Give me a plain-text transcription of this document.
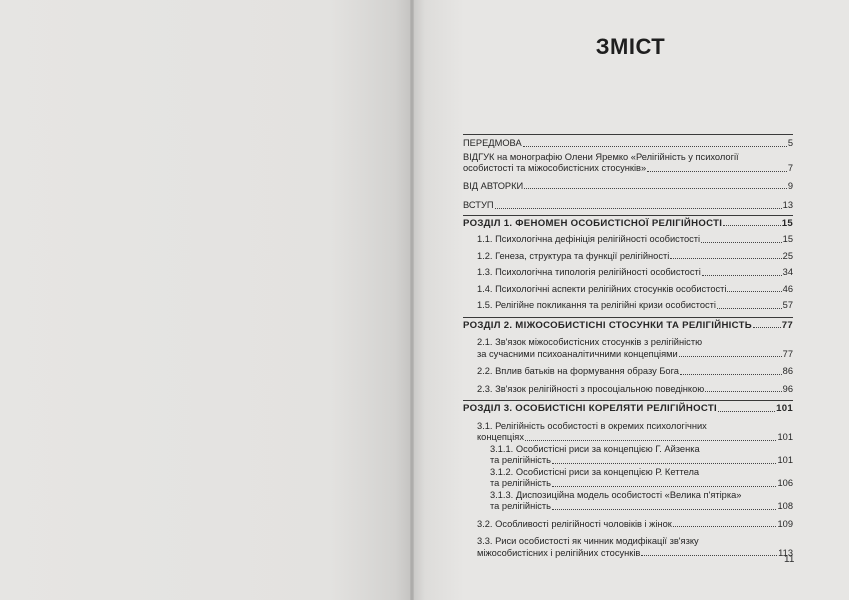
ЗМІСТ
ПЕРЕДМОВА	5
ВІДГУК на монографію Олени Яремко «Релігійність у психології
особистості та міжособистісних стосунків»	7
ВІД АВТОРКИ	9
ВСТУП	13
РОЗДІЛ 1. ФЕНОМЕН ОСОБИСТІСНОЇ РЕЛІГІЙНОСТІ	15
1.1. Психологічна дефініція релігійності особистості	15
1.2. Генеза, структура та функції релігійності	25
1.3. Психологічна типологія релігійності особистості	34
1.4. Психологічні аспекти релігійних стосунків особистості	46
1.5. Релігійне покликання та релігійні кризи особистості	57
РОЗДІЛ 2. МІЖОСОБИСТІСНІ СТОСУНКИ ТА РЕЛІГІЙНІСТЬ	77
2.1. Зв'язок міжособистісних стосунків з релігійністю
за сучасними психоаналітичними концепціями	77
2.2. Вплив батьків на формування образу Бога	86
2.3. Зв'язок релігійності з просоціальною поведінкою	96
РОЗДІЛ 3. ОСОБИСТІСНІ КОРЕЛЯТИ РЕЛІГІЙНОСТІ	101
3.1. Релігійність особистості в окремих психологічних
концепціях	101
3.1.1. Особистісні риси за концепцією Г. Айзенка
та релігійність	101
3.1.2. Особистісні риси за концепцією Р. Кеттела
та релігійність	106
3.1.3. Диспозиційна модель особистості «Велика п'ятірка»
та релігійність	108
3.2. Особливості релігійності чоловіків і жінок	109
3.3. Риси особистості як чинник модифікації зв'язку
міжособистісних і релігійних стосунків	113
11
